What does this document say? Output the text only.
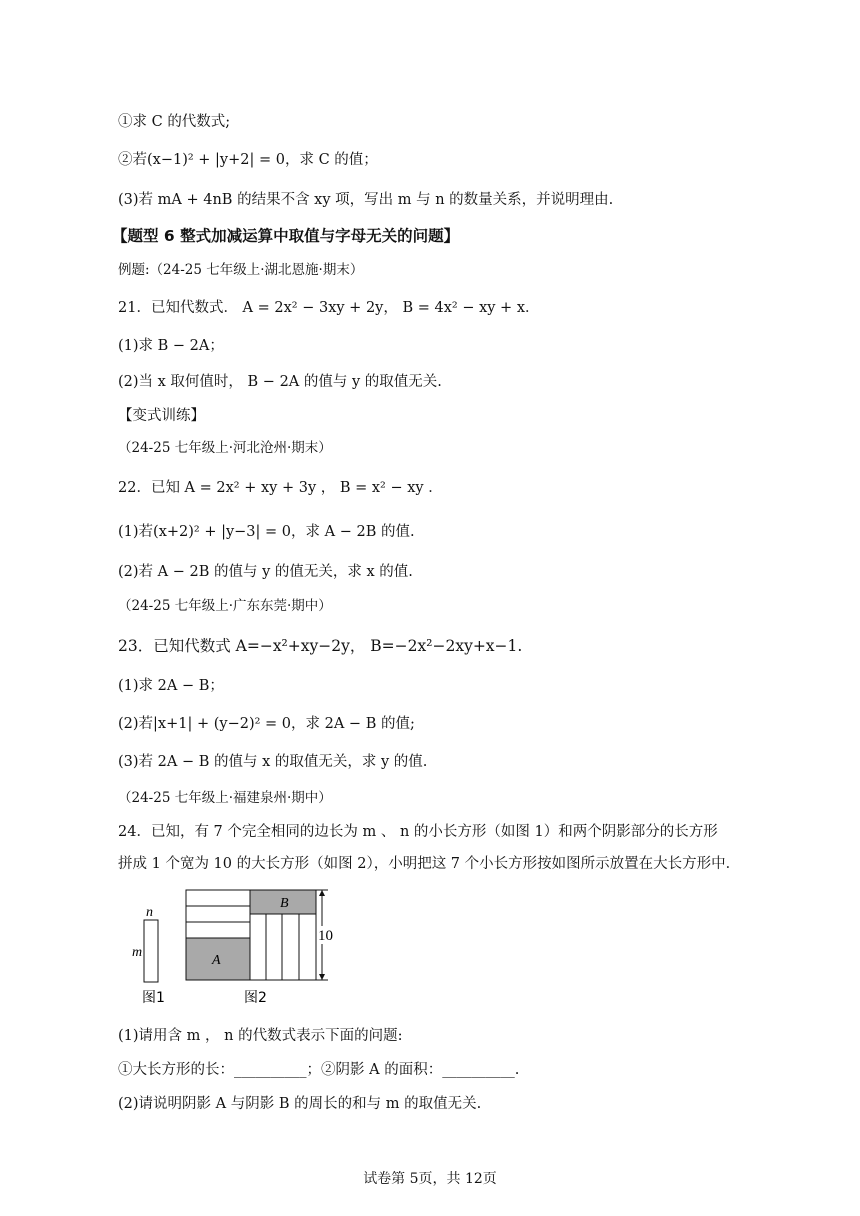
①求 C 的代数式;
②若(x−1)² + |y+2| = 0，求 C 的值；
(3)若 mA + 4nB 的结果不含 xy 项，写出 m 与 n 的数量关系，并说明理由.
【题型 6 整式加减运算中取值与字母无关的问题】
例题:（24-25 七年级上·湖北恩施·期末）
21．已知代数式． A = 2x² − 3xy + 2y， B = 4x² − xy + x．
(1)求 B − 2A；
(2)当 x 取何值时， B − 2A 的值与 y 的取值无关.
【变式训练】
（24-25 七年级上·河北沧州·期末）
22．已知 A = 2x² + xy + 3y ， B = x² − xy ．
(1)若(x+2)² + |y−3| = 0，求 A − 2B 的值.
(2)若 A − 2B 的值与 y 的值无关，求 x 的值.
（24-25 七年级上·广东东莞·期中）
23．已知代数式 A=−x²+xy−2y， B=−2x²−2xy+x−1.
(1)求 2A − B；
(2)若|x+1| + (y−2)² = 0，求 2A − B 的值;
(3)若 2A − B 的值与 x 的取值无关，求 y 的值.
（24-25 七年级上·福建泉州·期中）
24．已知，有 7 个完全相同的边长为 m 、 n 的小长方形（如图 1）和两个阴影部分的长方形
拼成 1 个宽为 10 的大长方形（如图 2），小明把这 7 个小长方形按如图所示放置在大长方形中．
n
m
图1
A
B
10
图2
(1)请用含 m ， n 的代数式表示下面的问题:
①大长方形的长：__________；②阴影 A 的面积：__________.
(2)请说明阴影 A 与阴影 B 的周长的和与 m 的取值无关.
试卷第 5页，共 12页
